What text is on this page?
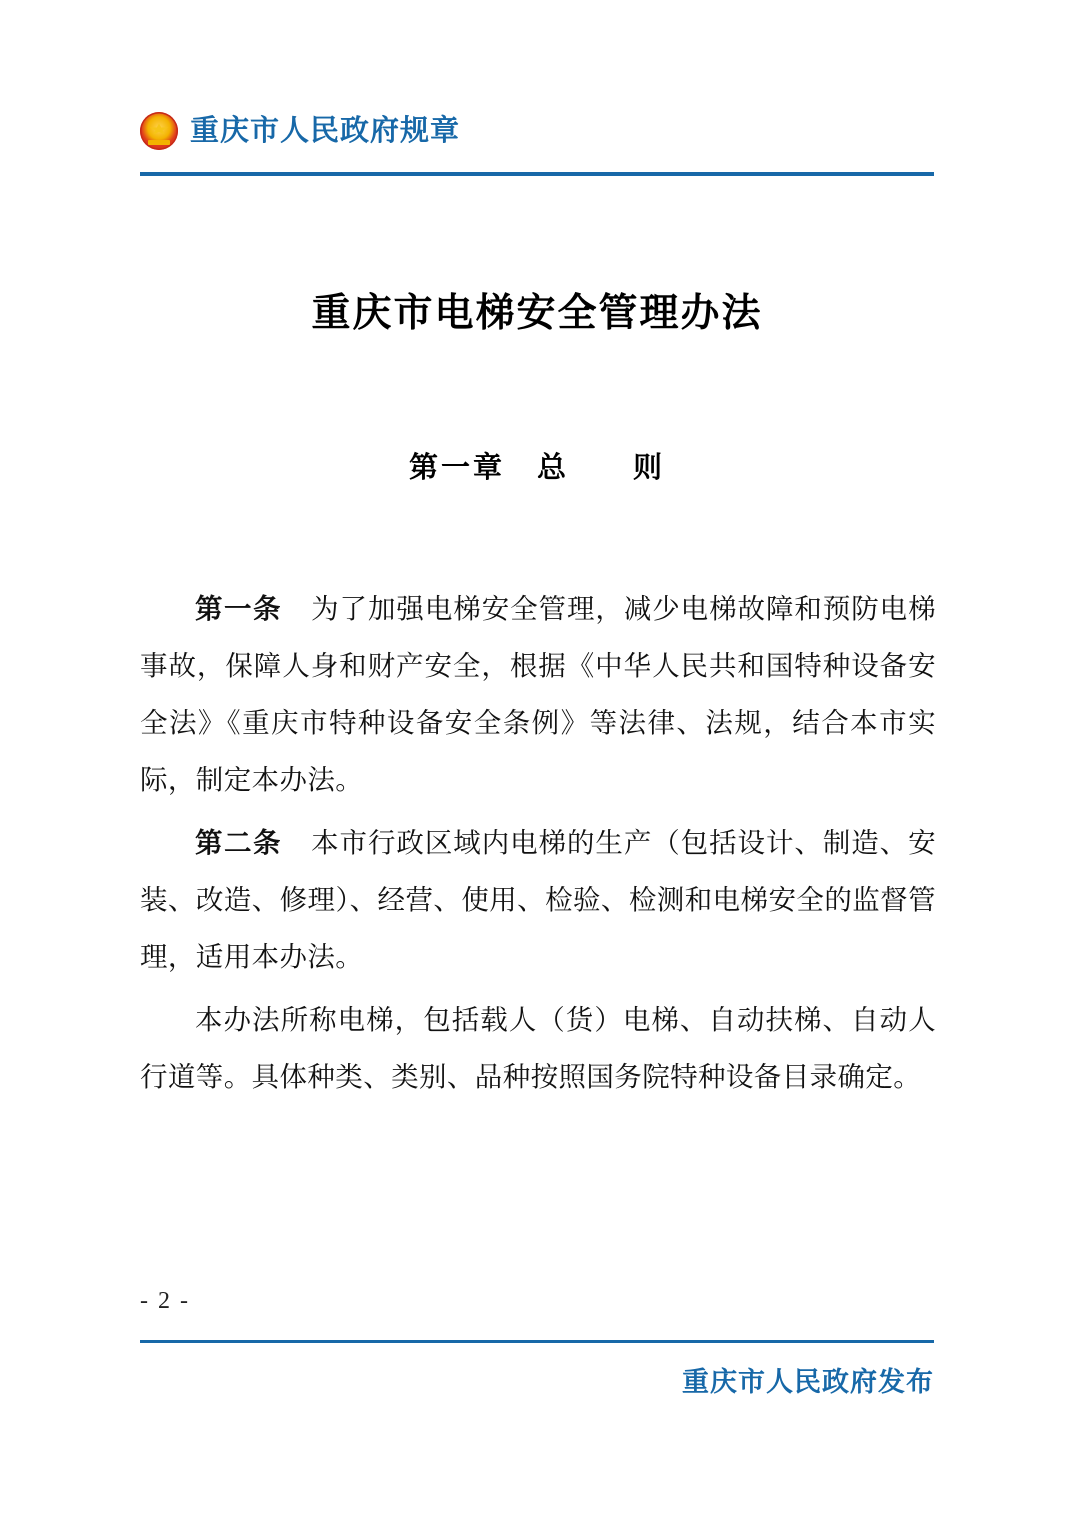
重庆市人民政府规章
重庆市电梯安全管理办法
第一章　总　　则

第一条 为了加强电梯安全管理，减少电梯故障和预防电梯事故，保障人身和财产安全，根据《中华人民共和国特种设备安全法》《重庆市特种设备安全条例》等法律、法规，结合本市实际，制定本办法。

第二条 本市行政区域内电梯的生产（包括设计、制造、安装、改造、修理）、经营、使用、检验、检测和电梯安全的监督管理，适用本办法。

本办法所称电梯，包括载人（货）电梯、自动扶梯、自动人行道等。具体种类、类别、品种按照国务院特种设备目录确定。

- 2 -
重庆市人民政府发布
